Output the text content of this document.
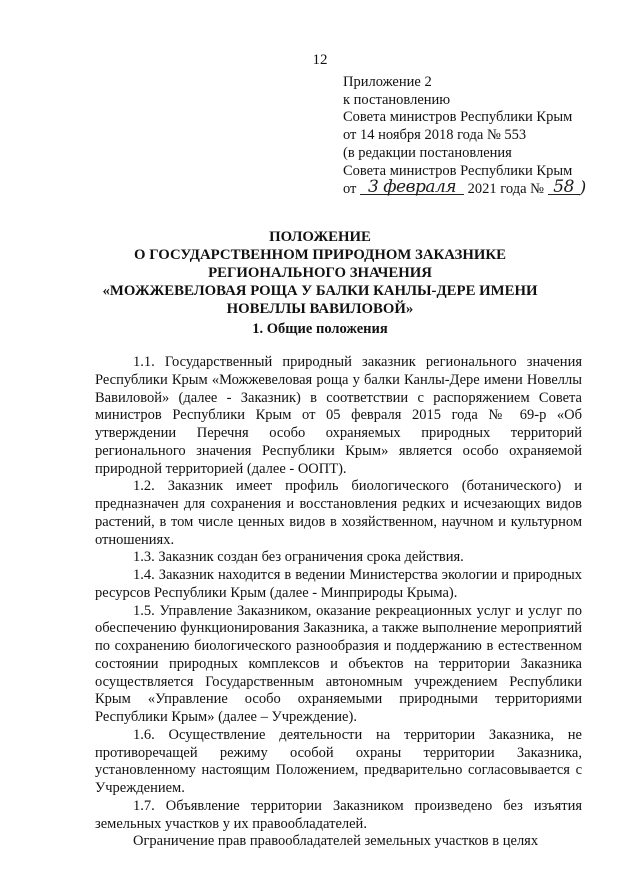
12
Приложение 2
к постановлению
Совета министров Республики Крым
от 14 ноября 2018 года № 553
(в редакции постановления
Совета министров Республики Крым
от 3 февраля 2021 года № 58 )
ПОЛОЖЕНИЕ
О ГОСУДАРСТВЕННОМ ПРИРОДНОМ ЗАКАЗНИКЕ
РЕГИОНАЛЬНОГО ЗНАЧЕНИЯ
«МОЖЖЕВЕЛОВАЯ РОЩА У БАЛКИ КАНЛЫ-ДЕРЕ ИМЕНИ
НОВЕЛЛЫ ВАВИЛОВОЙ»
1. Общие положения

1.1. Государственный природный заказник регионального значения Республики Крым «Можжевеловая роща у балки Канлы-Дере имени Новеллы Вавиловой» (далее - Заказник) в соответствии с распоряжением Совета министров Республики Крым от 05 февраля 2015 года № 69-р «Об утверждении Перечня особо охраняемых природных территорий регионального значения Республики Крым» является особо охраняемой природной территорией (далее - ООПТ).

1.2. Заказник имеет профиль биологического (ботанического) и предназначен для сохранения и восстановления редких и исчезающих видов растений, в том числе ценных видов в хозяйственном, научном и культурном отношениях.

1.3. Заказник создан без ограничения срока действия.

1.4. Заказник находится в ведении Министерства экологии и природных ресурсов Республики Крым (далее - Минприроды Крыма).

1.5. Управление Заказником, оказание рекреационных услуг и услуг по обеспечению функционирования Заказника, а также выполнение мероприятий по сохранению биологического разнообразия и поддержанию в естественном состоянии природных комплексов и объектов на территории Заказника осуществляется Государственным автономным учреждением Республики Крым «Управление особо охраняемыми природными территориями Республики Крым» (далее – Учреждение).

1.6. Осуществление деятельности на территории Заказника, не противоречащей режиму особой охраны территории Заказника, установленному настоящим Положением, предварительно согласовывается с Учреждением.

1.7. Объявление территории Заказником произведено без изъятия земельных участков у их правообладателей.

Ограничение прав правообладателей земельных участков в целях
